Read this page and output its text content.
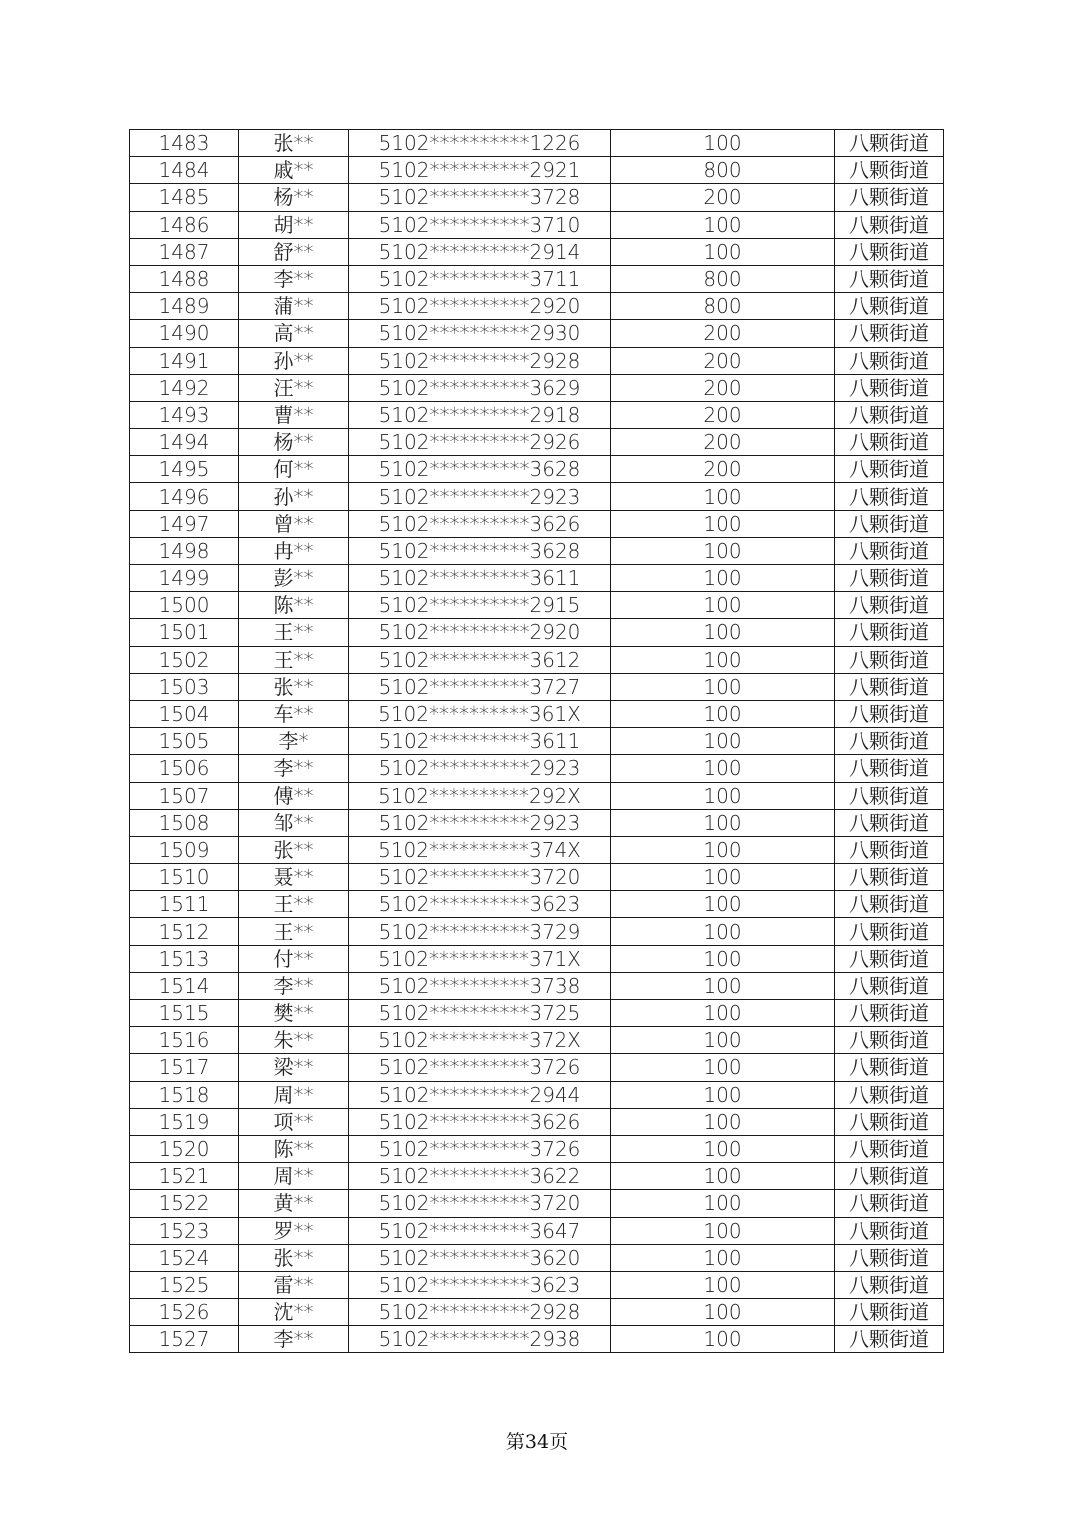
1483	张**	5102**********1226	100	八颗街道
1484	戚**	5102**********2921	800	八颗街道
1485	杨**	5102**********3728	200	八颗街道
1486	胡**	5102**********3710	100	八颗街道
1487	舒**	5102**********2914	100	八颗街道
1488	李**	5102**********3711	800	八颗街道
1489	蒲**	5102**********2920	800	八颗街道
1490	高**	5102**********2930	200	八颗街道
1491	孙**	5102**********2928	200	八颗街道
1492	汪**	5102**********3629	200	八颗街道
1493	曹**	5102**********2918	200	八颗街道
1494	杨**	5102**********2926	200	八颗街道
1495	何**	5102**********3628	200	八颗街道
1496	孙**	5102**********2923	100	八颗街道
1497	曾**	5102**********3626	100	八颗街道
1498	冉**	5102**********3628	100	八颗街道
1499	彭**	5102**********3611	100	八颗街道
1500	陈**	5102**********2915	100	八颗街道
1501	王**	5102**********2920	100	八颗街道
1502	王**	5102**********3612	100	八颗街道
1503	张**	5102**********3727	100	八颗街道
1504	车**	5102**********361X	100	八颗街道
1505	李*	5102**********3611	100	八颗街道
1506	李**	5102**********2923	100	八颗街道
1507	傅**	5102**********292X	100	八颗街道
1508	邹**	5102**********2923	100	八颗街道
1509	张**	5102**********374X	100	八颗街道
1510	聂**	5102**********3720	100	八颗街道
1511	王**	5102**********3623	100	八颗街道
1512	王**	5102**********3729	100	八颗街道
1513	付**	5102**********371X	100	八颗街道
1514	李**	5102**********3738	100	八颗街道
1515	樊**	5102**********3725	100	八颗街道
1516	朱**	5102**********372X	100	八颗街道
1517	梁**	5102**********3726	100	八颗街道
1518	周**	5102**********2944	100	八颗街道
1519	项**	5102**********3626	100	八颗街道
1520	陈**	5102**********3726	100	八颗街道
1521	周**	5102**********3622	100	八颗街道
1522	黄**	5102**********3720	100	八颗街道
1523	罗**	5102**********3647	100	八颗街道
1524	张**	5102**********3620	100	八颗街道
1525	雷**	5102**********3623	100	八颗街道
1526	沈**	5102**********2928	100	八颗街道
1527	李**	5102**********2938	100	八颗街道
第34页
